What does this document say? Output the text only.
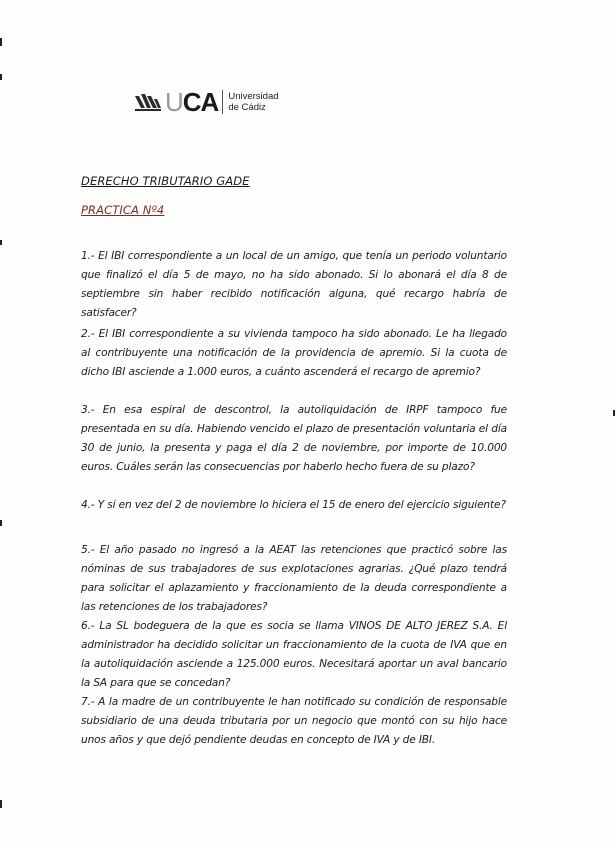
UCA Universidad
de Cádiz
DERECHO TRIBUTARIO GADE
PRACTICA Nº4
1.- El IBI correspondiente a un local de un amigo, que tenía un periodo voluntario que finalizó el día 5 de mayo, no ha sido abonado. Si lo abonará el día 8 de septiembre sin haber recibido notificación alguna, qué recargo habría de satisfacer?
2.- El IBI correspondiente a su vivienda tampoco ha sido abonado. Le ha llegado al contribuyente una notificación de la providencia de apremio. Si la cuota de dicho IBI asciende a 1.000 euros, a cuánto ascenderá el recargo de apremio?
3.- En esa espiral de descontrol, la autoliquidación de IRPF tampoco fue presentada en su día. Habiendo vencido el plazo de presentación voluntaria el día 30 de junio, la presenta y paga el día 2 de noviembre, por importe de 10.000 euros. Cuáles serán las consecuencias por haberlo hecho fuera de su plazo?
4.- Y si en vez del 2 de noviembre lo hiciera el 15 de enero del ejercicio siguiente?
5.- El año pasado no ingresó a la AEAT las retenciones que practicó sobre las nóminas de sus trabajadores de sus explotaciones agrarias. ¿Qué plazo tendrá para solicitar el aplazamiento y fraccionamiento de la deuda correspondiente a las retenciones de los trabajadores?
6.- La SL bodeguera de la que es socia se llama VINOS DE ALTO JEREZ S.A. El administrador ha decidido solicitar un fraccionamiento de la cuota de IVA que en la autoliquidación asciende a 125.000 euros. Necesitará aportar un aval bancario la SA para que se concedan?
7.- A la madre de un contribuyente le han notificado su condición de responsable subsidiario de una deuda tributaria por un negocio que montó con su hijo hace unos años y que dejó pendiente deudas en concepto de IVA y de IBI.
